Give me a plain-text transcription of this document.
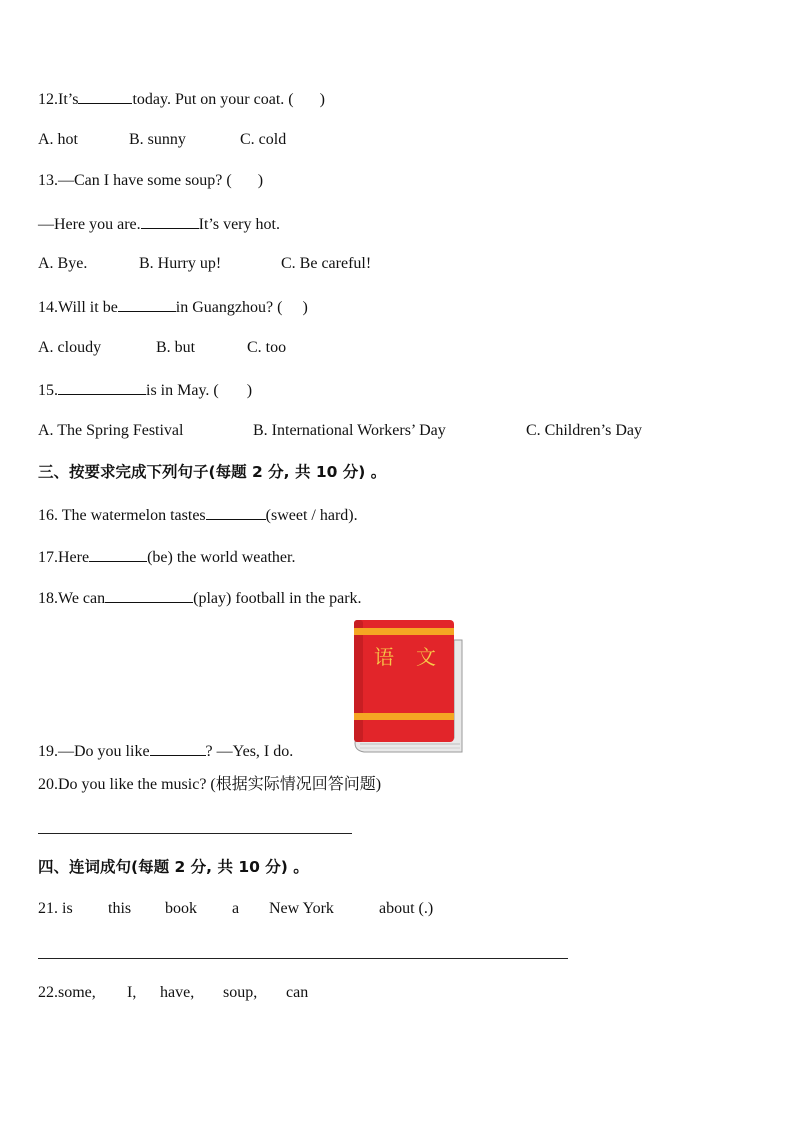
12.It’s	today. Put on your coat. ( )
A. hot	B. sunny	C. cold
13.—Can I have some soup? ( )
—Here you are.	It’s very hot.
A. Bye.	B. Hurry up!	C. Be careful!
14.Will it be	in Guangzhou? ( )
A. cloudy	B. but	C. too
15.	is in May. ( )
A. The Spring Festival	B. International Workers’ Day	C. Children’s Day
三、按要求完成下列句子(每题 2 分, 共 10 分) 。
16. The watermelon tastes	(sweet / hard).
17.Here	(be) the world weather.
18.We can	(play) football in the park.
语 文
19.—Do you like	? —Yes, I do.
20.Do you like the music? (根据实际情况回答问题)
四、连词成句(每题 2 分, 共 10 分) 。
21. is this book a New York	about (.)
22.some, I, have, soup, can
